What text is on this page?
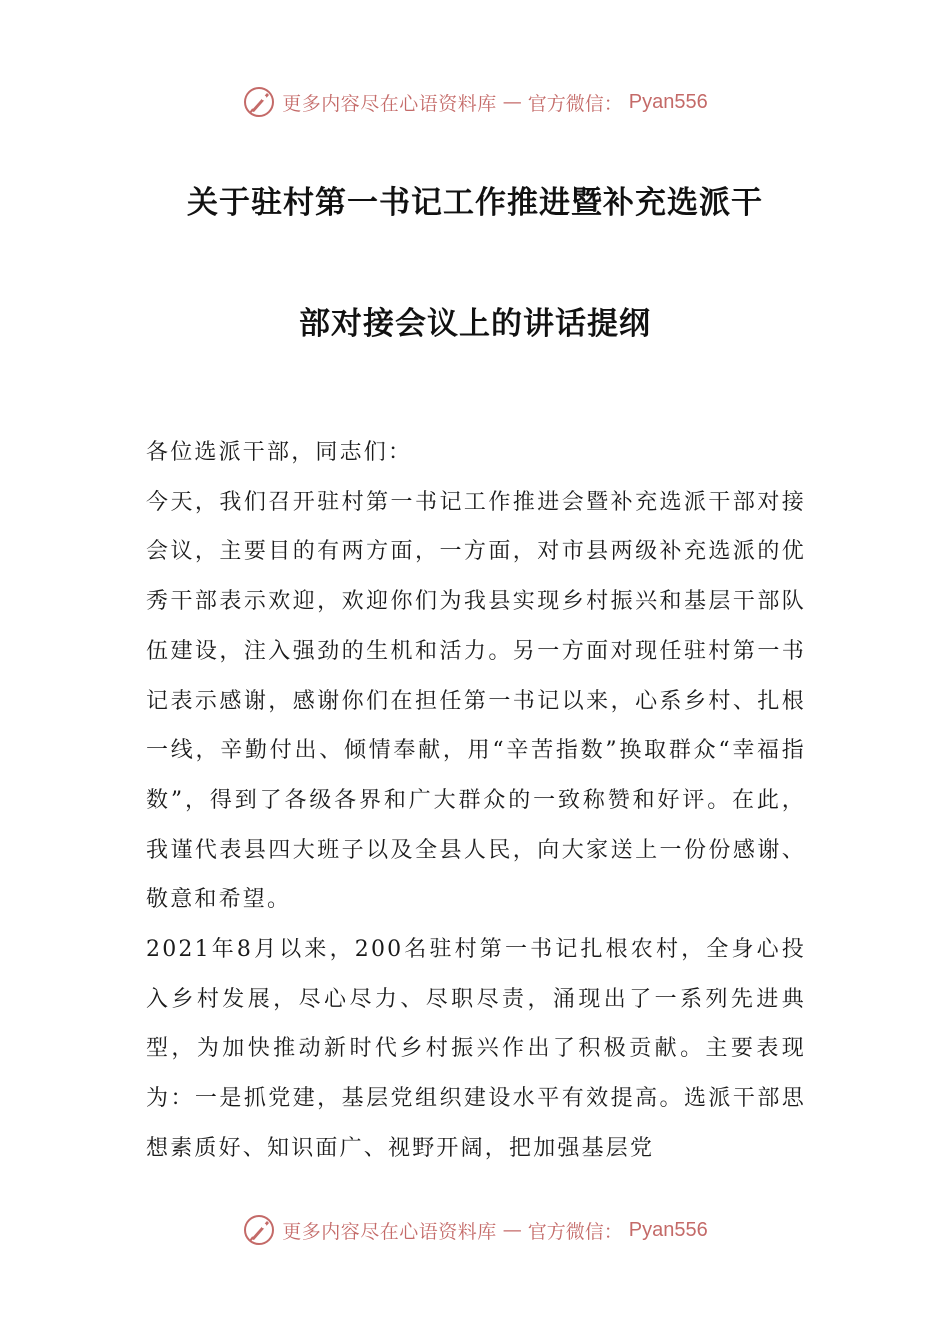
更多内容尽在心语资料库 — 官方微信： Pyan556
关于驻村第一书记工作推进暨补充选派干
部对接会议上的讲话提纲

各位选派干部，同志们：

今天，我们召开驻村第一书记工作推进会暨补充选派干部对接会议，主要目的有两方面，一方面，对市县两级补充选派的优秀干部表示欢迎，欢迎你们为我县实现乡村振兴和基层干部队伍建设，注入强劲的生机和活力。另一方面对现任驻村第一书记表示感谢，感谢你们在担任第一书记以来，心系乡村、扎根一线，辛勤付出、倾情奉献，用“辛苦指数”换取群众“幸福指数”，得到了各级各界和广大群众的一致称赞和好评。在此，我谨代表县四大班子以及全县人民，向大家送上一份份感谢、敬意和希望。

2021年8月以来，200名驻村第一书记扎根农村，全身心投入乡村发展，尽心尽力、尽职尽责，涌现出了一系列先进典型，为加快推动新时代乡村振兴作出了积极贡献。主要表现为：一是抓党建，基层党组织建设水平有效提高。选派干部思想素质好、知识面广、视野开阔，把加强基层党

更多内容尽在心语资料库 — 官方微信： Pyan556
